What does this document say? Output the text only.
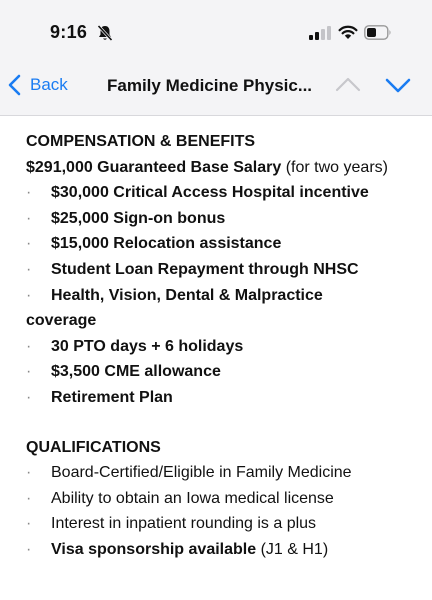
9:16
Back Family Medicine Physic...
COMPENSATION & BENEFITS
$291,000 Guaranteed Base Salary (for two years)
·	$30,000 Critical Access Hospital incentive
·	$25,000 Sign-on bonus
·	$15,000 Relocation assistance
·	Student Loan Repayment through NHSC
·	Health, Vision, Dental & Malpractice
coverage
·	30 PTO days + 6 holidays
·	$3,500 CME allowance
·	Retirement Plan
QUALIFICATIONS
·	Board-Certified/Eligible in Family Medicine
·	Ability to obtain an Iowa medical license
·	Interest in inpatient rounding is a plus
·	Visa sponsorship available (J1 & H1)
